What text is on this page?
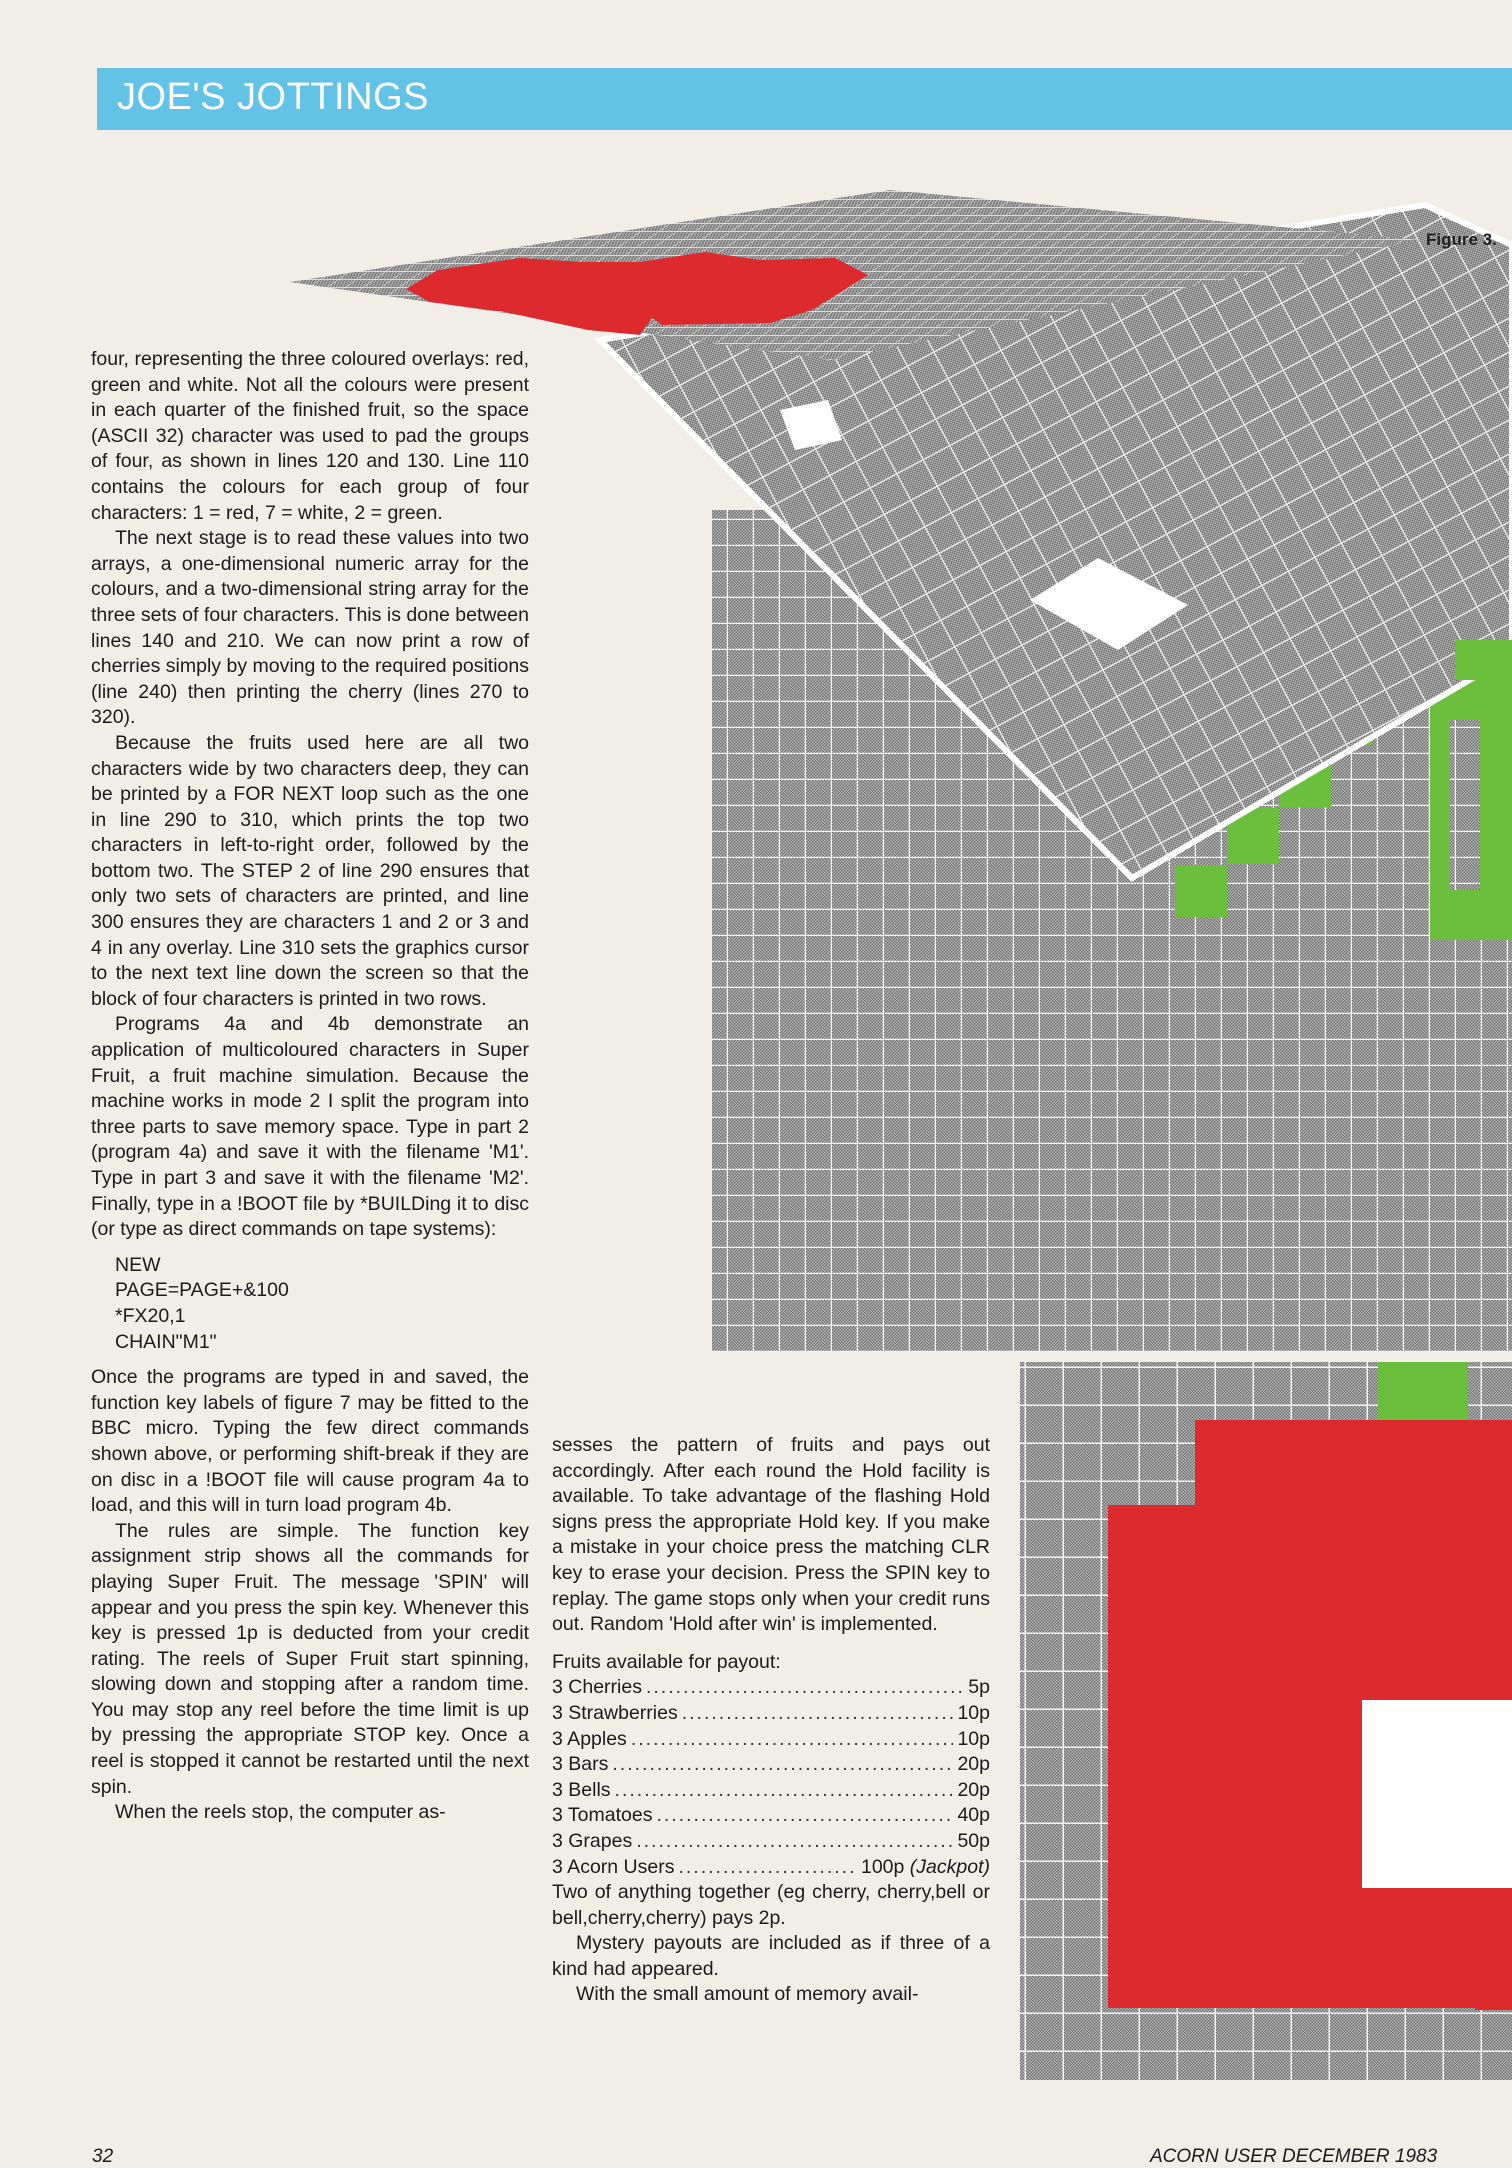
JOE'S JOTTINGS
Figure 3.

four, representing the three coloured overlays: red, green and white. Not all the colours were present in each quarter of the finished fruit, so the space (ASCII 32) character was used to pad the groups of four, as shown in lines 120 and 130. Line 110 contains the colours for each group of four characters: 1 = red, 7 = white, 2 = green.

The next stage is to read these values into two arrays, a one-dimensional numeric array for the colours, and a two-dimensional string array for the three sets of four characters. This is done between lines 140 and 210. We can now print a row of cherries simply by moving to the required positions (line 240) then printing the cherry (lines 270 to 320).

Because the fruits used here are all two characters wide by two characters deep, they can be printed by a FOR NEXT loop such as the one in line 290 to 310, which prints the top two characters in left-to-right order, followed by the bottom two. The STEP 2 of line 290 ensures that only two sets of characters are printed, and line 300 ensures they are characters 1 and 2 or 3 and 4 in any overlay. Line 310 sets the graphics cursor to the next text line down the screen so that the block of four characters is printed in two rows.

Programs 4a and 4b demonstrate an application of multicoloured characters in Super Fruit, a fruit machine simulation. Because the machine works in mode 2 I split the program into three parts to save memory space. Type in part 2 (program 4a) and save it with the filename 'M1'. Type in part 3 and save it with the filename 'M2'. Finally, type in a !BOOT file by *BUILDing it to disc (or type as direct commands on tape systems):

NEW
PAGE=PAGE+&100
*FX20,1
CHAIN"M1"

Once the programs are typed in and saved, the function key labels of figure 7 may be fitted to the BBC micro. Typing the few direct commands shown above, or performing shift-break if they are on disc in a !BOOT file will cause program 4a to load, and this will in turn load program 4b.

The rules are simple. The function key assignment strip shows all the commands for playing Super Fruit. The message 'SPIN' will appear and you press the spin key. Whenever this key is pressed 1p is deducted from your credit rating. The reels of Super Fruit start spinning, slowing down and stopping after a random time. You may stop any reel before the time limit is up by pressing the appropriate STOP key. Once a reel is stopped it cannot be restarted until the next spin.

When the reels stop, the computer as-

sesses the pattern of fruits and pays out accordingly. After each round the Hold facility is available. To take advantage of the flashing Hold signs press the appropriate Hold key. If you make a mistake in your choice press the matching CLR key to erase your decision. Press the SPIN key to replay. The game stops only when your credit runs out. Random 'Hold after win' is implemented.

Fruits available for payout:
3 Cherries .....	5p
3 Strawberries .....	10p
3 Apples .....	10p
3 Bars .....	20p
3 Bells .....	20p
3 Tomatoes .....	40p
3 Grapes .....	50p
3 Acorn Users .....	100p
(Jackpot)

Two of anything together (eg cherry, cherry,bell or bell,cherry,cherry) pays 2p.

Mystery payouts are included as if three of a kind had appeared.

With the small amount of memory avail-

32	ACORN USER DECEMBER 1983
